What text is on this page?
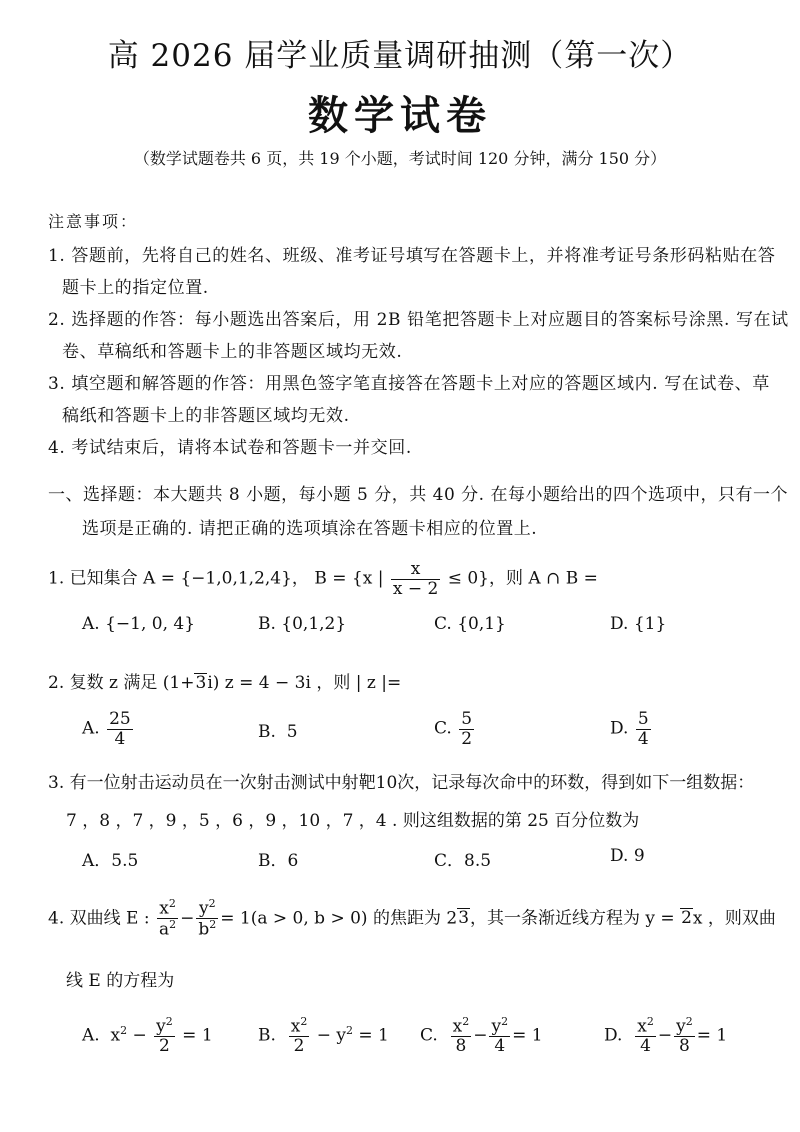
高 2026 届学业质量调研抽测（第一次）
数学试卷
（数学试题卷共 6 页，共 19 个小题，考试时间 120 分钟，满分 150 分）
注意事项：
1. 答题前，先将自己的姓名、班级、准考证号填写在答题卡上，并将准考证号条形码粘贴在答
题卡上的指定位置.
2. 选择题的作答：每小题选出答案后，用 2B 铅笔把答题卡上对应题目的答案标号涂黑. 写在试
卷、草稿纸和答题卡上的非答题区域均无效.
3. 填空题和解答题的作答：用黑色签字笔直接答在答题卡上对应的答题区域内. 写在试卷、草
稿纸和答题卡上的非答题区域均无效.
4. 考试结束后，请将本试卷和答题卡一并交回.
一、选择题：本大题共 8 小题，每小题 5 分，共 40 分. 在每小题给出的四个选项中，只有一个
选项是正确的. 请把正确的选项填涂在答题卡相应的位置上.
1. 已知集合 A = {−1,0,1,2,4}， B = {x | $\frac{x}{x - 2} \le 0$}，则 A ∩ B =
A. {−1, 0, 4}	B. {0,1,2}	C. {0,1}	D. {1}
2. 复数 z 满足 (1+3i) z = 4 − 3i ，则 | z |=
A. $\frac{25}{4}$	B. 5	C. $\frac{5}{2}$	D. $\frac{5}{4}$
3. 有一位射击运动员在一次射击测试中射靶10次，记录每次命中的环数，得到如下一组数据：
7 ，8 ，7 ，9 ，5 ，6 ，9 ，10 ，7 ，4 . 则这组数据的第 25 百分位数为
A．5.5	B．6	C．8.5	D. 9
4. 双曲线 E : $\frac{x^2}{a^2} - \frac{y^2}{b^2} = 1(a > 0$, b > 0) 的焦距为 23，其一条渐近线方程为 y = 2x ，则双曲
线 E 的方程为
A.  $x^2 - \frac{y^2}{2} = 1$	B. $\frac{x^2}{2} - y^2 = 1$ C. $\frac{x^2}{8} - \frac{y^2}{4} = 1$	D. $\frac{x^2}{4} - \frac{y^2}{8} = 1$
